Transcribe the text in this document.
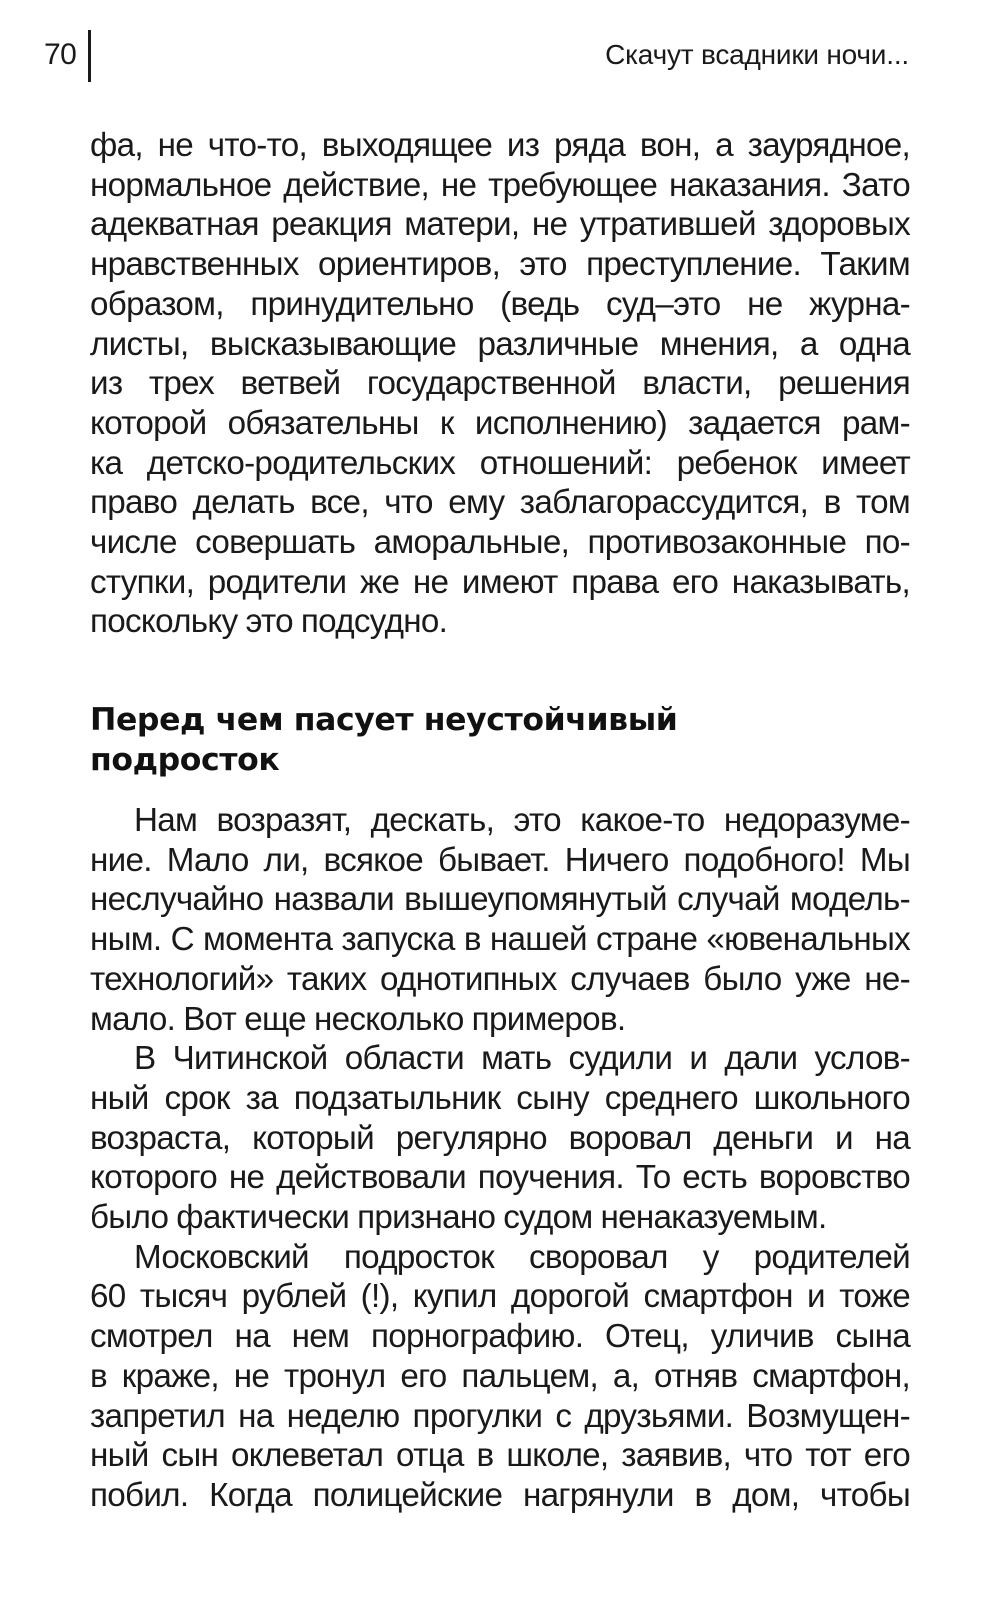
70	Скачут всадники ночи...
фа, не что-то, выходящее из ряда вон, а заурядное,
нормальное действие, не требующее наказания. Зато
адекватная реакция матери, не утратившей здоровых
нравственных ориентиров, это преступление. Таким
образом, принудительно (ведь суд–это не журна-
листы, высказывающие различные мнения, а одна
из трех ветвей государственной власти, решения
которой обязательны к исполнению) задается рам-
ка детско-родительских отношений: ребенок имеет
право делать все, что ему заблагорассудится, в том
числе совершать аморальные, противозаконные по-
ступки, родители же не имеют права его наказывать,
поскольку это подсудно.
Перед чем пасует неустойчивый
подросток
Нам возразят, дескать, это какое-то недоразуме-
ние. Мало ли, всякое бывает. Ничего подобного! Мы
неслучайно назвали вышеупомянутый случай модель-
ным. С момента запуска в нашей стране «ювенальных
технологий» таких однотипных случаев было уже не-
мало. Вот еще несколько примеров.
В Читинской области мать судили и дали услов-
ный срок за подзатыльник сыну среднего школьного
возраста, который регулярно воровал деньги и на
которого не действовали поучения. То есть воровство
было фактически признано судом ненаказуемым.
Московский подросток своровал у родителей
60 тысяч рублей (!), купил дорогой смартфон и тоже
смотрел на нем порнографию. Отец, уличив сына
в краже, не тронул его пальцем, а, отняв смартфон,
запретил на неделю прогулки с друзьями. Возмущен-
ный сын оклеветал отца в школе, заявив, что тот его
побил. Когда полицейские нагрянули в дом, чтобы
